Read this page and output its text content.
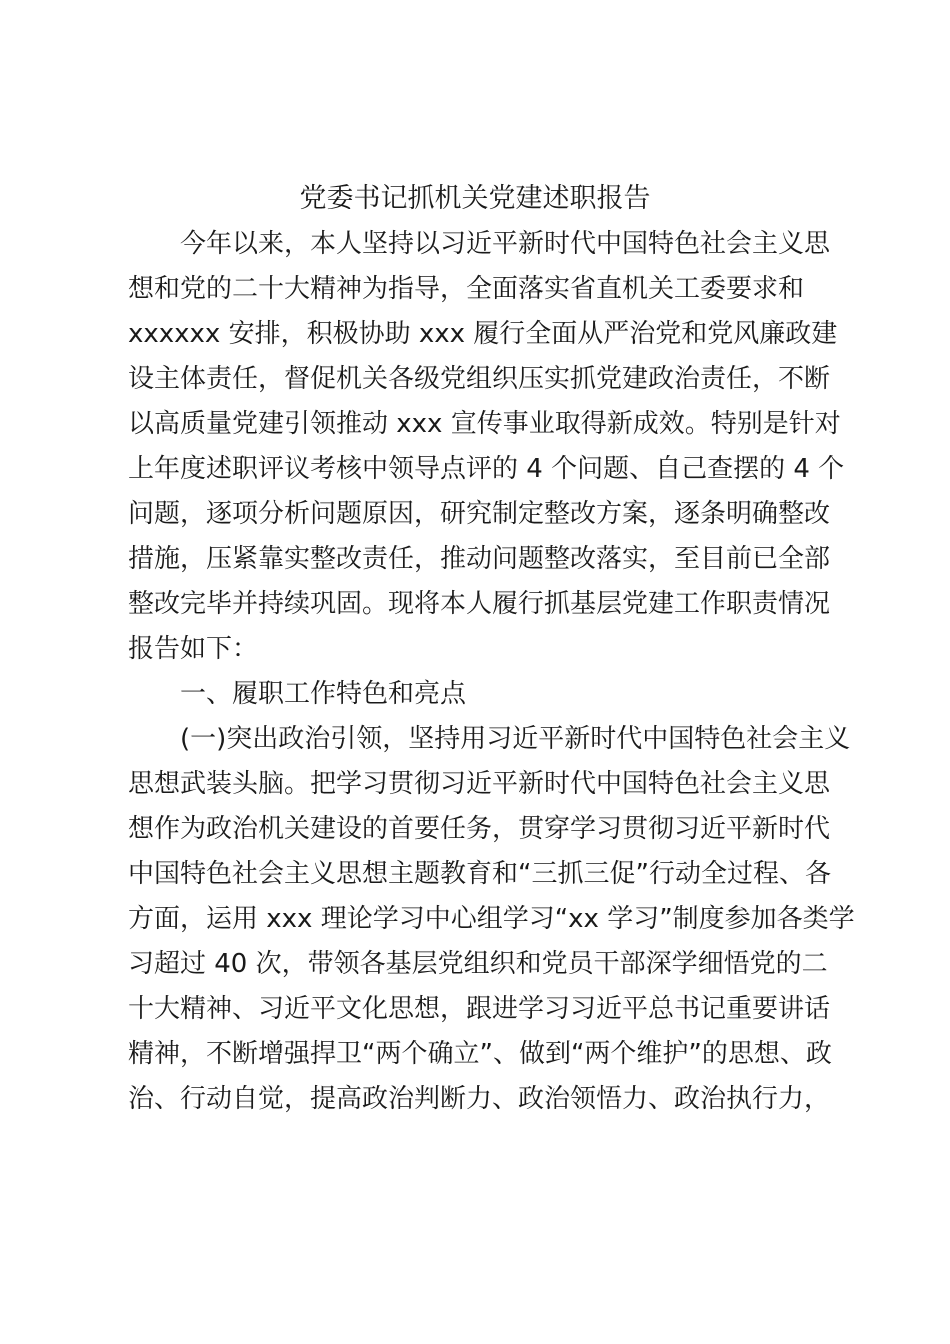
党委书记抓机关党建述职报告
　　今年以来，本人坚持以习近平新时代中国特色社会主义思
想和党的二十大精神为指导，全面落实省直机关工委要求和
xxxxxx 安排，积极协助 xxx 履行全面从严治党和党风廉政建
设主体责任，督促机关各级党组织压实抓党建政治责任，不断
以高质量党建引领推动 xxx 宣传事业取得新成效。特别是针对
上年度述职评议考核中领导点评的 4 个问题、自己查摆的 4 个
问题，逐项分析问题原因，研究制定整改方案，逐条明确整改
措施，压紧靠实整改责任，推动问题整改落实，至目前已全部
整改完毕并持续巩固。现将本人履行抓基层党建工作职责情况
报告如下：
　　一、履职工作特色和亮点
　　(一)突出政治引领，坚持用习近平新时代中国特色社会主义
思想武装头脑。把学习贯彻习近平新时代中国特色社会主义思
想作为政治机关建设的首要任务，贯穿学习贯彻习近平新时代
中国特色社会主义思想主题教育和“三抓三促”行动全过程、各
方面，运用 xxx 理论学习中心组学习“xx 学习”制度参加各类学
习超过 40 次，带领各基层党组织和党员干部深学细悟党的二
十大精神、习近平文化思想，跟进学习习近平总书记重要讲话
精神，不断增强捍卫“两个确立”、做到“两个维护”的思想、政
治、行动自觉，提高政治判断力、政治领悟力、政治执行力，
